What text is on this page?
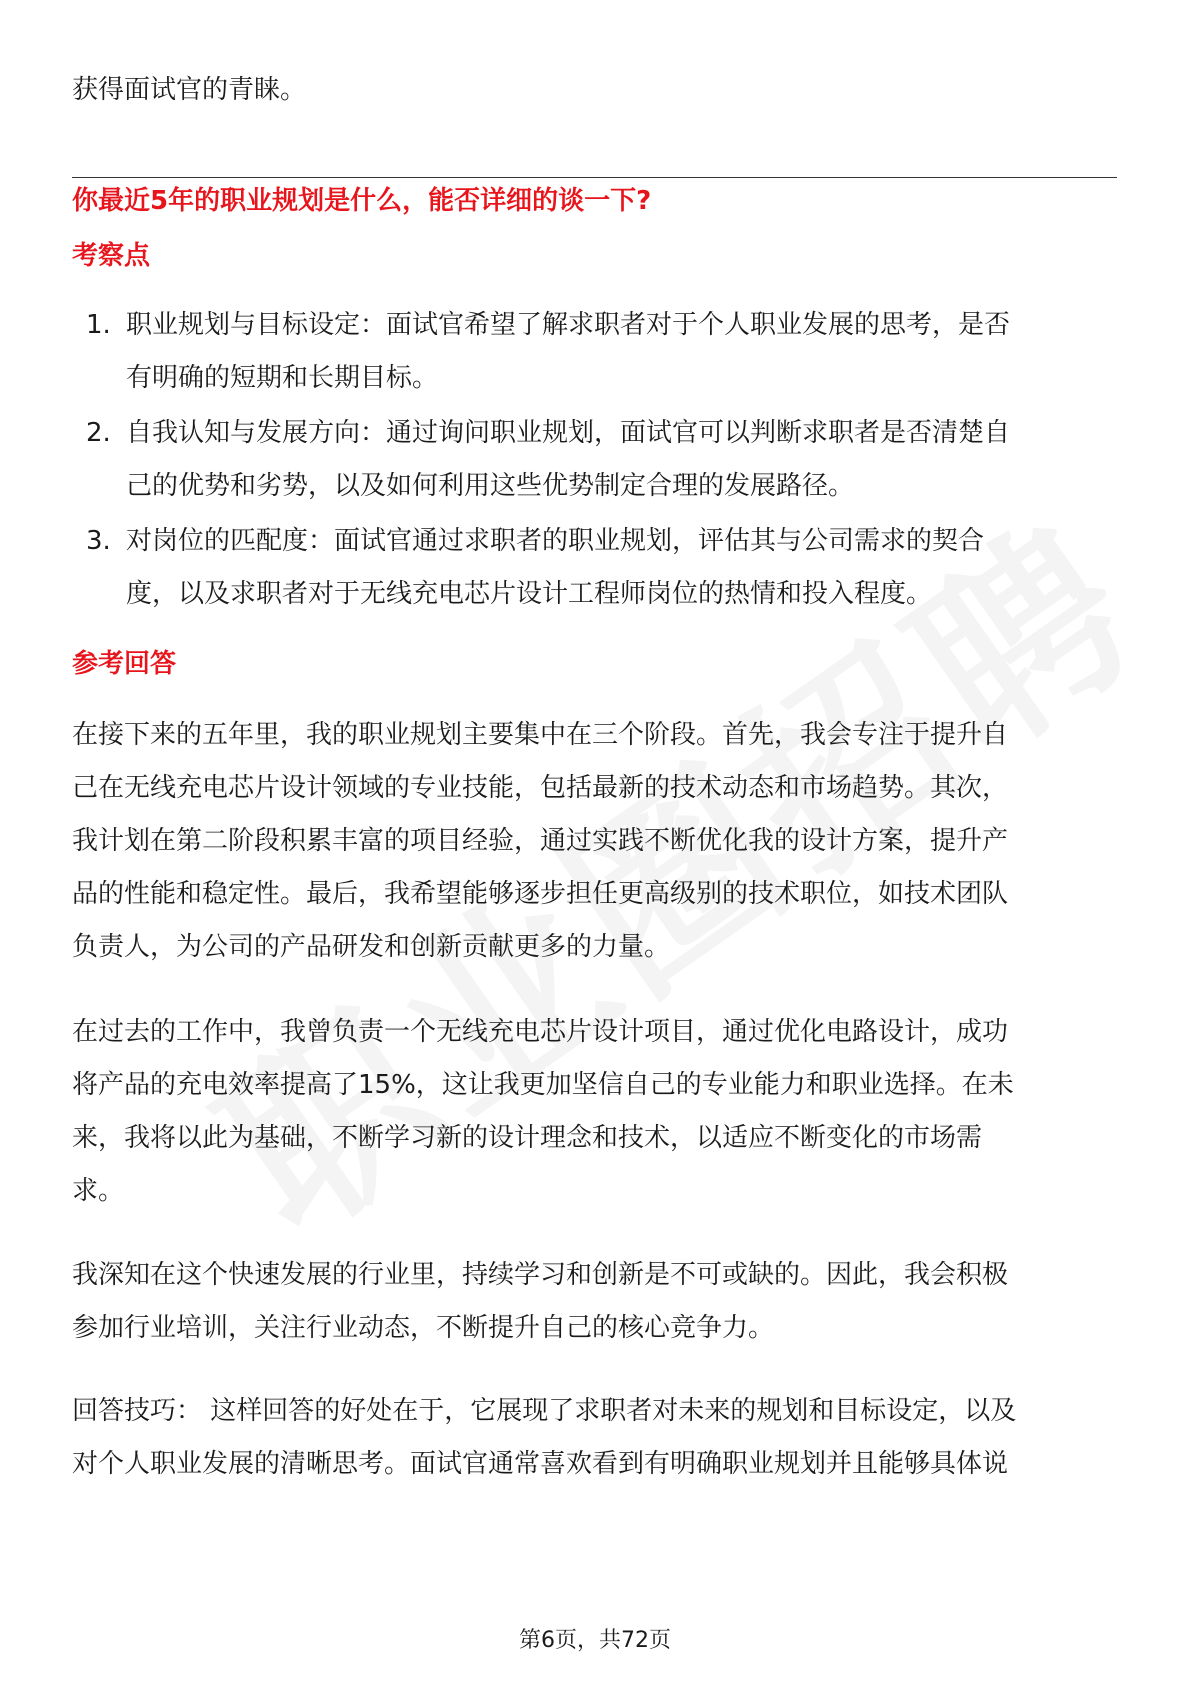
获得面试官的青睐。
你最近5年的职业规划是什么，能否详细的谈一下?
考察点
1. 职业规划与目标设定：面试官希望了解求职者对于个人职业发展的思考，是否
有明确的短期和长期目标。
2. 自我认知与发展方向：通过询问职业规划，面试官可以判断求职者是否清楚自
己的优势和劣势，以及如何利用这些优势制定合理的发展路径。
3. 对岗位的匹配度：面试官通过求职者的职业规划，评估其与公司需求的契合
度，以及求职者对于无线充电芯片设计工程师岗位的热情和投入程度。
参考回答
在接下来的五年里，我的职业规划主要集中在三个阶段。首先，我会专注于提升自
己在无线充电芯片设计领域的专业技能，包括最新的技术动态和市场趋势。其次，
我计划在第二阶段积累丰富的项目经验，通过实践不断优化我的设计方案，提升产
品的性能和稳定性。最后，我希望能够逐步担任更高级别的技术职位，如技术团队
负责人，为公司的产品研发和创新贡献更多的力量。
在过去的工作中，我曾负责一个无线充电芯片设计项目，通过优化电路设计，成功
将产品的充电效率提高了15%，这让我更加坚信自己的专业能力和职业选择。在未
来，我将以此为基础，不断学习新的设计理念和技术，以适应不断变化的市场需
求。
我深知在这个快速发展的行业里，持续学习和创新是不可或缺的。因此，我会积极
参加行业培训，关注行业动态，不断提升自己的核心竞争力。
回答技巧： 这样回答的好处在于，它展现了求职者对未来的规划和目标设定，以及
对个人职业发展的清晰思考。面试官通常喜欢看到有明确职业规划并且能够具体说
第6页，共72页
